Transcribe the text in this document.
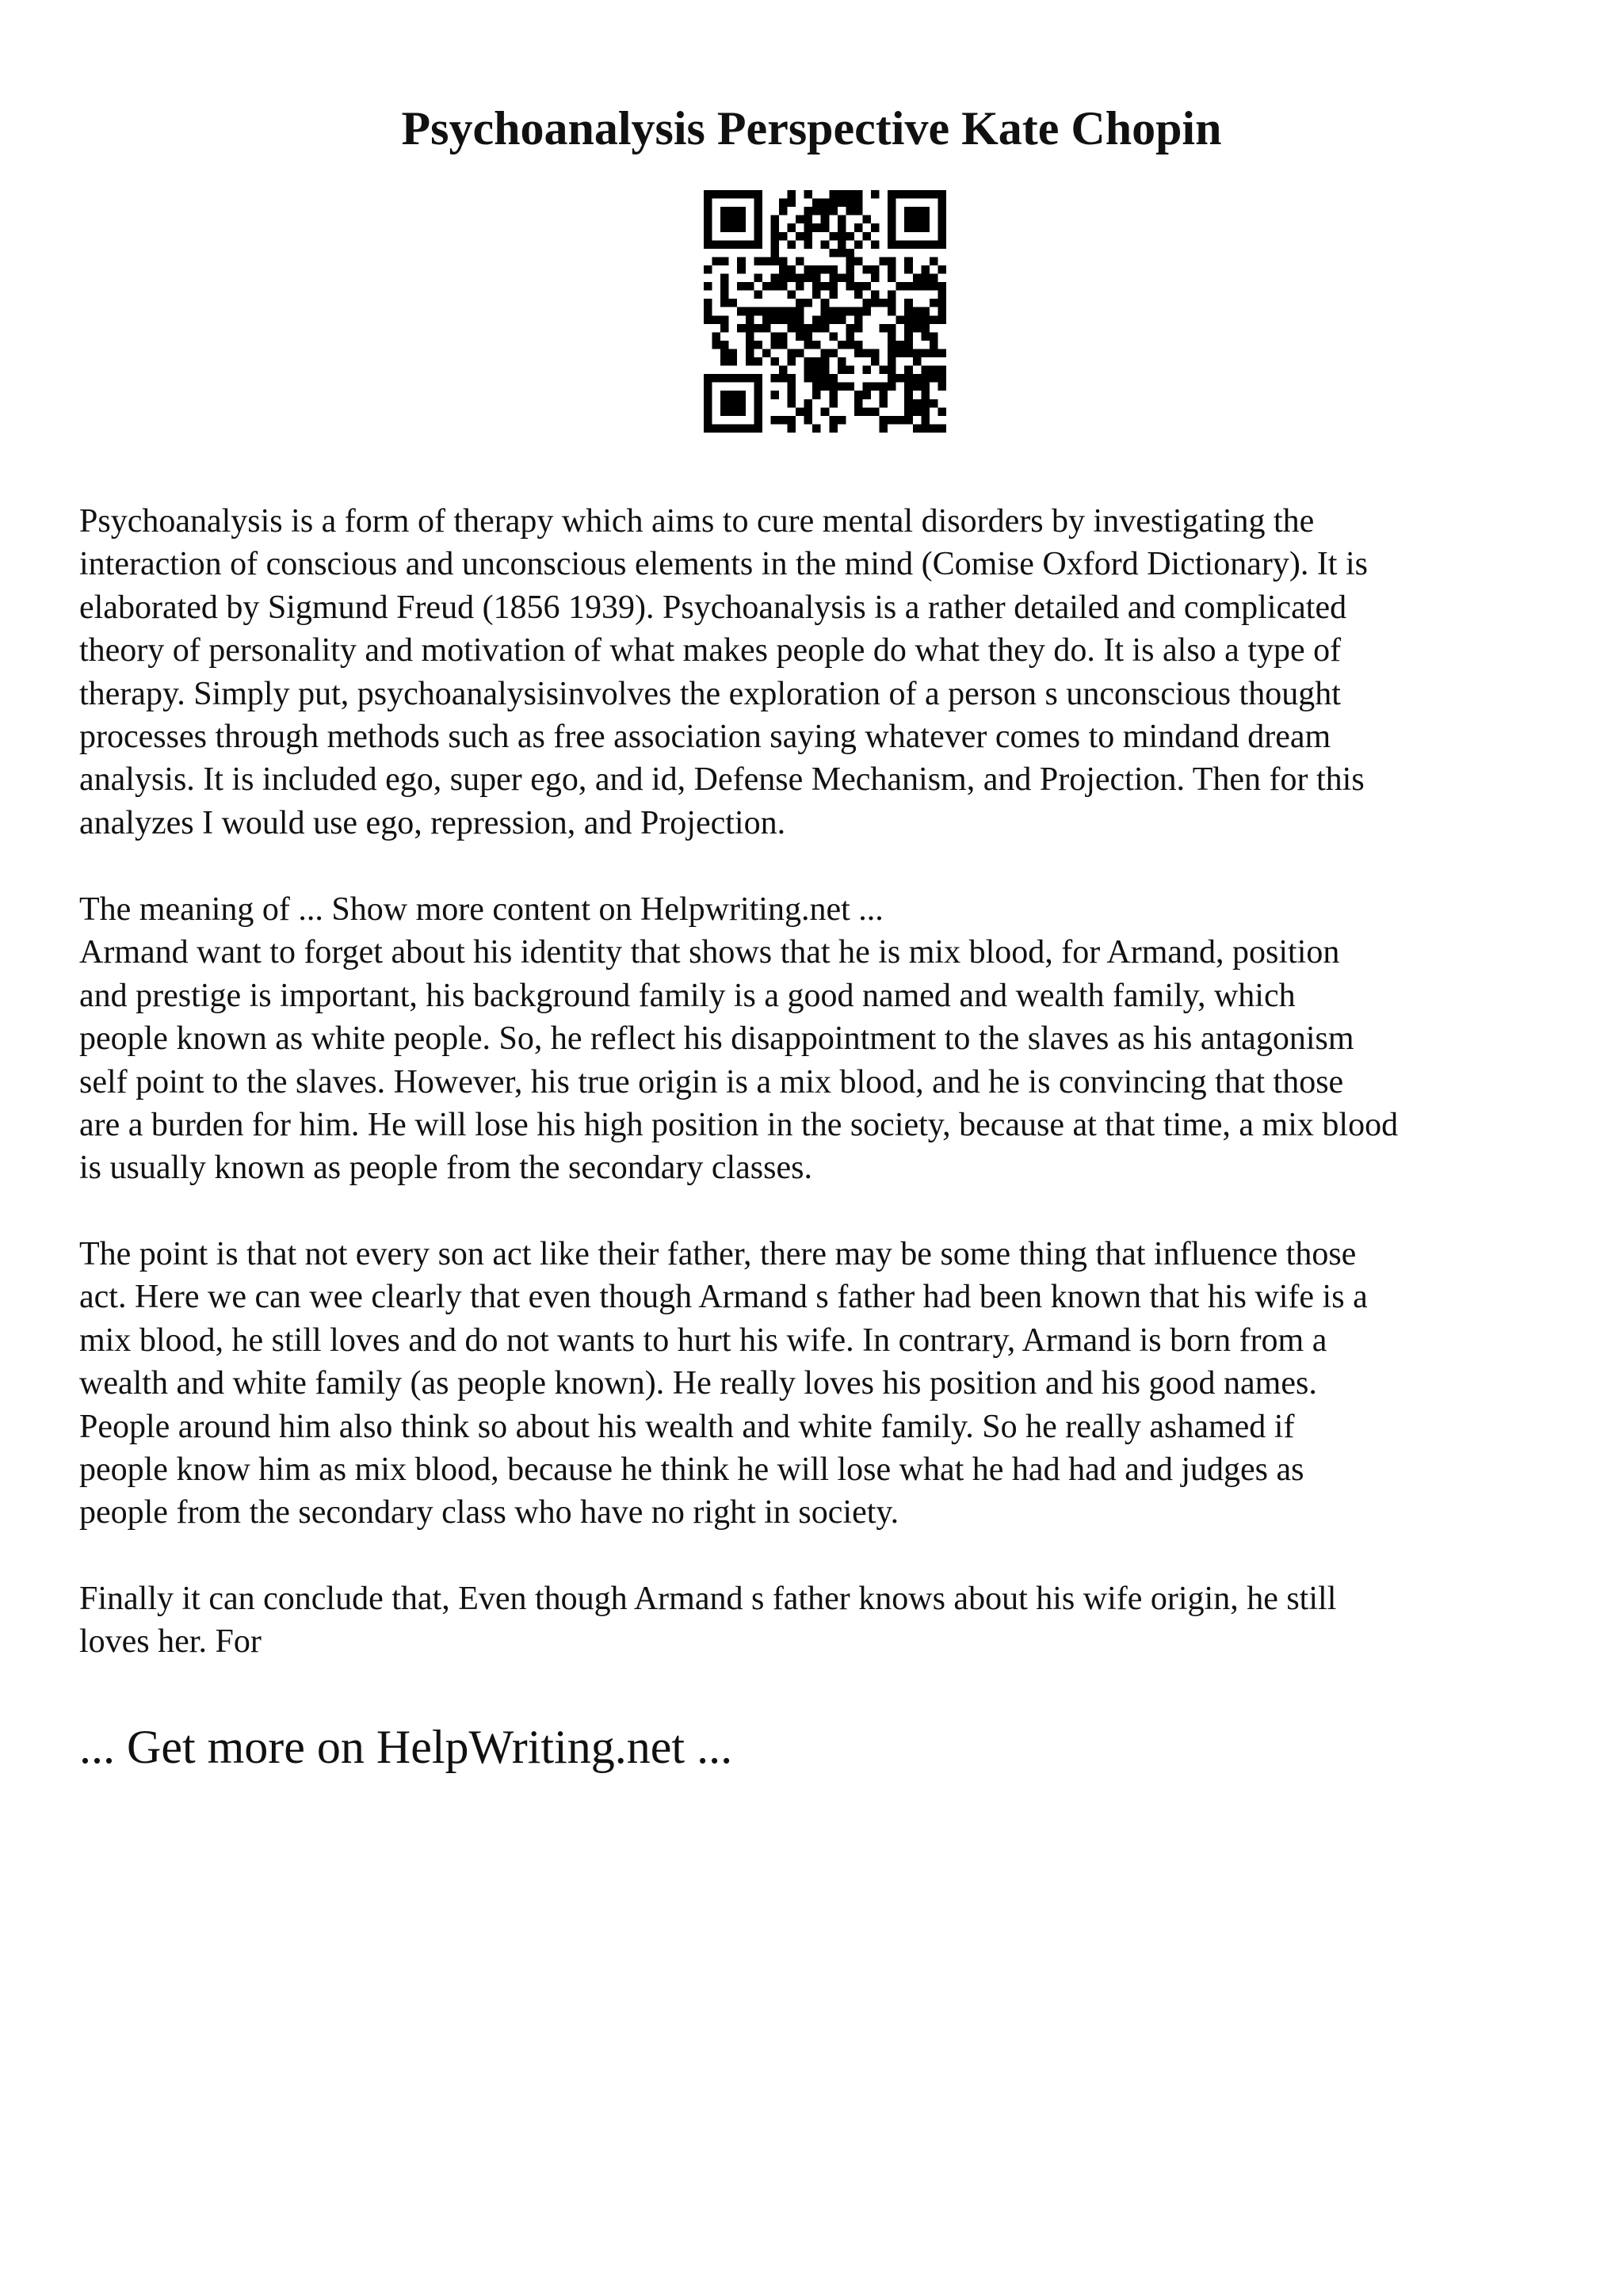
Psychoanalysis Perspective Kate Chopin
Psychoanalysis is a form of therapy which aims to cure mental disorders by investigating the
interaction of conscious and unconscious elements in the mind (Comise Oxford Dictionary). It is
elaborated by Sigmund Freud (1856 1939). Psychoanalysis is a rather detailed and complicated
theory of personality and motivation of what makes people do what they do. It is also a type of
therapy. Simply put, psychoanalysisinvolves the exploration of a person s unconscious thought
processes through methods such as free association saying whatever comes to mindand dream
analysis. It is included ego, super ego, and id, Defense Mechanism, and Projection. Then for this
analyzes I would use ego, repression, and Projection.
The meaning of ... Show more content on Helpwriting.net ...
Armand want to forget about his identity that shows that he is mix blood, for Armand, position
and prestige is important, his background family is a good named and wealth family, which
people known as white people. So, he reflect his disappointment to the slaves as his antagonism
self point to the slaves. However, his true origin is a mix blood, and he is convincing that those
are a burden for him. He will lose his high position in the society, because at that time, a mix blood
is usually known as people from the secondary classes.
The point is that not every son act like their father, there may be some thing that influence those
act. Here we can wee clearly that even though Armand s father had been known that his wife is a
mix blood, he still loves and do not wants to hurt his wife. In contrary, Armand is born from a
wealth and white family (as people known). He really loves his position and his good names.
People around him also think so about his wealth and white family. So he really ashamed if
people know him as mix blood, because he think he will lose what he had had and judges as
people from the secondary class who have no right in society.
Finally it can conclude that, Even though Armand s father knows about his wife origin, he still
loves her. For
... Get more on HelpWriting.net ...
